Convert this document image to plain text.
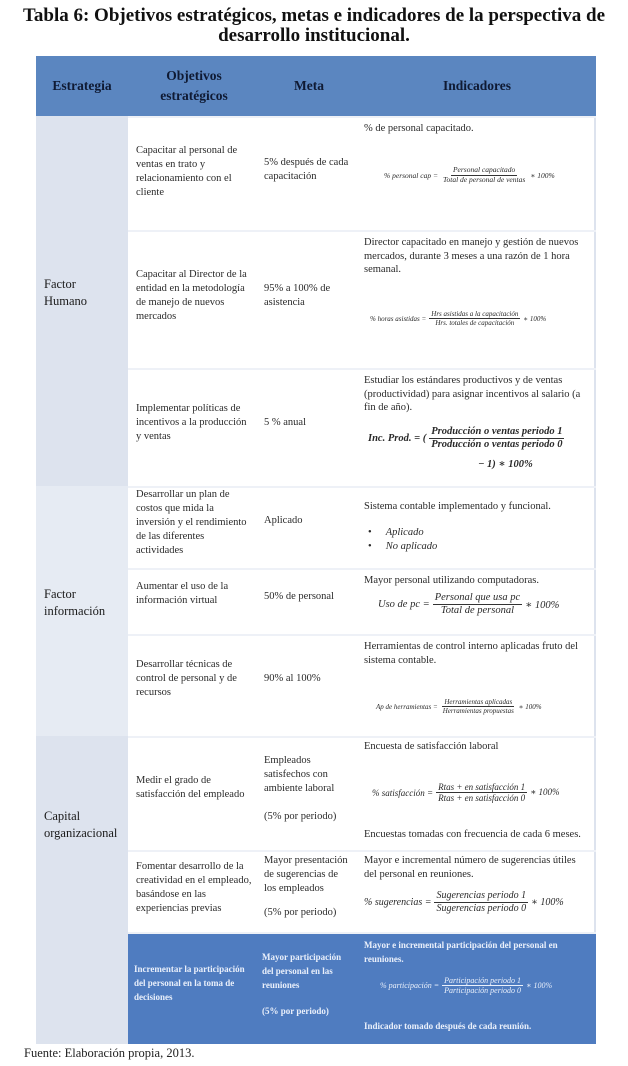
Tabla 6: Objetivos estratégicos, metas e indicadores de la perspectiva de desarrollo institucional.
Estrategia
Objetivos estratégicos
Meta	Indicadores
Factor Humano
Factor información
Capital organizacional
Capacitar al personal de ventas en trato y relacionamiento con el cliente
5% después de cada capacitación
% de personal capacitado.
% personal cap = $\frac{\text{Personal capacitado}}{\text{Total de personal de ventas}}$ ∗ 100%
Capacitar al Director de la entidad en la metodología de manejo de nuevos mercados
95% a 100% de asistencia
Director capacitado en manejo y gestión de nuevos mercados, durante 3 meses a una razón de 1 hora semanal.
% horas asistidas = $\frac{\text{Hrs asistidas a la capacitación}}{\text{Hrs. totales de capacitación}}$ ∗ 100%
Implementar políticas de incentivos a la producción y ventas
5 % anual
Estudiar los estándares productivos y de ventas (productividad) para asignar incentivos al salario (a fin de año).
Inc. Prod. = ( $\frac{\text{Producción o ventas periodo 1}}{\text{Producción o ventas periodo 0}}$
− 1) ∗ 100%
Desarrollar un plan de costos que mida la inversión y el rendimiento de las diferentes actividades
Aplicado
Sistema contable implementado y funcional.
• Aplicado
• No aplicado
Aumentar el uso de la información virtual	50% de personal
Mayor personal utilizando computadoras.
Uso de pc = $\frac{\text{Personal que usa pc}}{\text{Total de personal}}$ ∗ 100%
Desarrollar técnicas de control de personal y de recursos
90% al 100%
Herramientas de control interno aplicadas fruto del sistema contable.
Ap de herramientas = $\frac{\text{Herramientas aplicadas}}{\text{Herramientas propuestas}}$ ∗ 100%
Medir el grado de satisfacción del empleado
Empleados satisfechos con ambiente laboral
(5% por periodo)
Encuesta de satisfacción laboral
% satisfacción = $\frac{\text{Rtas + en satisfacción 1}}{\text{Rtas + en satisfacción 0}}$ ∗ 100%
Encuestas tomadas con frecuencia de cada 6 meses.
Fomentar desarrollo de la creatividad en el empleado, basándose en las experiencias previas
Mayor presentación de sugerencias de los empleados
(5% por periodo)
Mayor e incremental número de sugerencias útiles del personal en reuniones.
% sugerencias = $\frac{\text{Sugerencias periodo 1}}{\text{Sugerencias periodo 0}}$ ∗ 100%
Incrementar la participación del personal en la toma de decisiones
Mayor participación del personal en las reuniones
(5% por periodo)
Mayor e incremental participación del personal en reuniones.
% participación = $\frac{\text{Participación periodo 1}}{\text{Participación periodo 0}}$ ∗ 100%
Indicador tomado después de cada reunión.
Fuente: Elaboración propia, 2013.
